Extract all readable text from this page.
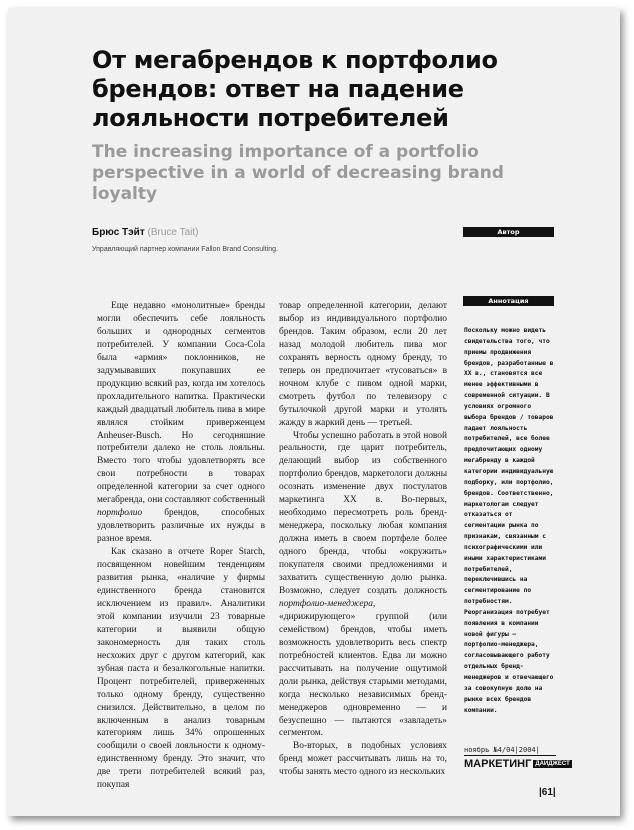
От мегабрендов к портфолио брендов: ответ на падение лояльности потребителей
The increasing importance of a portfolio perspective in a world of decreasing brand loyalty
Брюс Тэйт (Bruce Tait)
Управляющий партнер компании Fallon Brand Consulting.
Автор
Аннотация

Еще недавно «монолитные» бренды могли обеспечить себе лояльность больших и однородных сегментов потребителей. У компании Coca-Cola была «армия» поклонников, не задумывавших покупавших ее продукцию всякий раз, когда им хотелось прохладительного напитка. Практически каждый двадцатый любитель пива в мире являлся стойким приверженцем Anheuser-Busch. Но сегодняшние потребители далеко не столь лояльны. Вместо того чтобы удовлетворять все свои потребности в товарах определенной категории за счет одного мегабренда, они составляют собственный портфолио брендов, способных удовлетворить различные их нужды в разное время.

Как сказано в отчете Roper Starch, посвященном новейшим тенденциям развития рынка, «наличие у фирмы единственного бренда становится исключением из правил». Аналитики этой компании изучили 23 товарные категории и выявили общую закономерность для таких столь несхожих друг с другом категорий, как зубная паста и безалкогольные напитки. Процент потребителей, приверженных только одному бренду, существенно снизился. Действительно, в целом по включенным в анализ товарным категориям лишь 34% опрошенных сообщили о своей лояльности к одному-единственному бренду. Это значит, что две трети потребителей всякий раз, покупая

товар определенной категории, делают выбор из индивидуального портфолио брендов. Таким образом, если 20 лет назад молодой любитель пива мог сохранять верность одному бренду, то теперь он предпочитает «тусоваться» в ночном клубе с пивом одной марки, смотреть футбол по телевизору с бутылочкой другой марки и утолять жажду в жаркий день — третьей.

Чтобы успешно работать в этой новой реальности, где царит потребитель, делающий выбор из собственного портфолио брендов, маркетологи должны осознать изменение двух постулатов маркетинга XX в. Во-первых, необходимо пересмотреть роль бренд-менеджера, поскольку любая компания должна иметь в своем портфеле более одного бренда, чтобы «окружить» покупателя своими предложениями и захватить существенную долю рынка. Возможно, следует создать должность портфолио-менеджера, «дирижирующего» группой (или семейством) брендов, чтобы иметь возможность удовлетворить весь спектр потребностей клиентов. Едва ли можно рассчитывать на получение ощутимой доли рынка, действуя старыми методами, когда несколько независимых бренд-менеджеров одновременно — и безуспешно — пытаются «завладеть» сегментом.

Во-вторых, в подобных условиях бренд может рассчитывать лишь на то, чтобы занять место одного из нескольких

Поскольку можно видеть свидетельства того, что приемы продвижения брендов, разработанные в XX в., становятся все менее эффективными в современной ситуации. В условиях огромного выбора брендов / товаров падает лояльность потребителей, все более предпочитающих одному мегабренду в каждой категории индивидуальную подборку, или портфолио, брендов. Соответственно, маркетологам следует отказаться от сегментации рынка по признакам, связанным с психографическими или иными характеристиками потребителей, переключившись на сегментирование по потребностям. Реорганизация потребует появления в компании новой фигуры — портфолио-менеджера, согласовывающего работу отдельных бренд-менеджеров и отвечающего за совокупную долю на рынке всех брендов компании.

ноябрь №4/04|2004|
МАРКЕТИНГ ДАЙДЖЕСТ
|61|
